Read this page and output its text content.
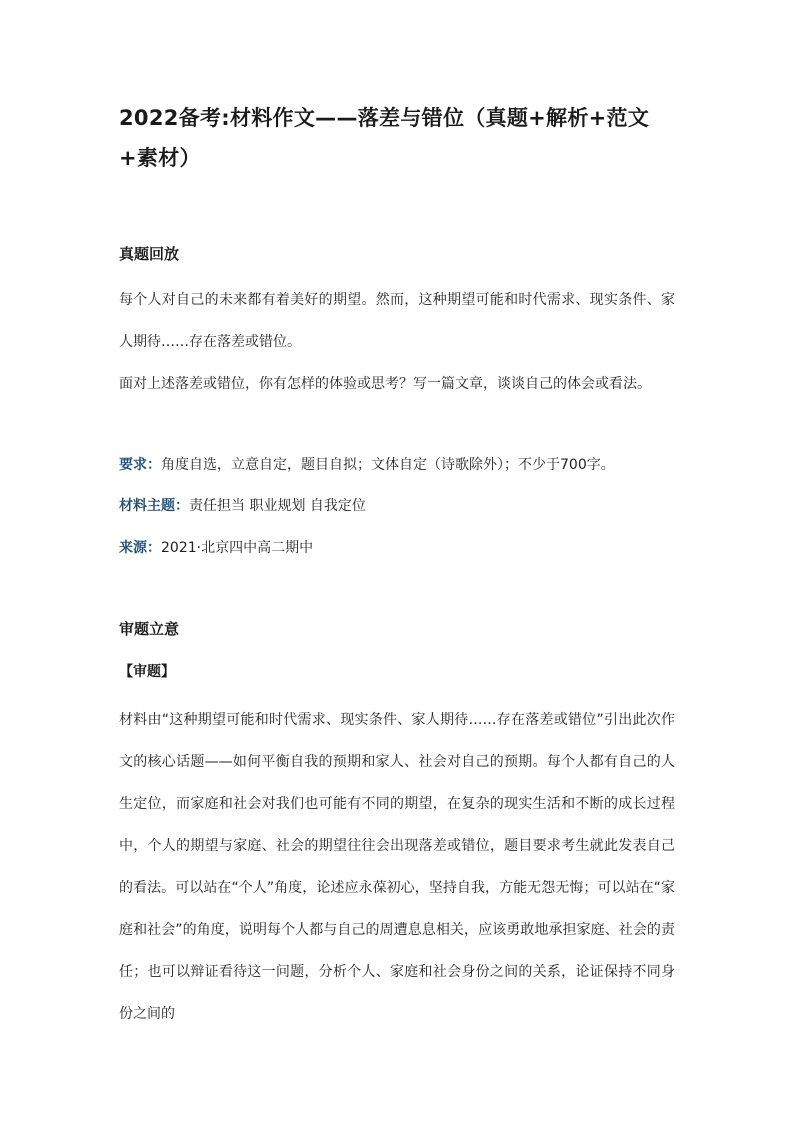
2022备考:材料作文——落差与错位（真题+解析+范文+素材）
真题回放

每个人对自己的未来都有着美好的期望。然而，这种期望可能和时代需求、现实条件、家人期待……存在落差或错位。

面对上述落差或错位，你有怎样的体验或思考？写一篇文章，谈谈自己的体会或看法。

要求：角度自选，立意自定，题目自拟；文体自定（诗歌除外）；不少于700字。

材料主题：责任担当 职业规划 自我定位

来源：2021·北京四中高二期中

审题立意

【审题】

材料由“这种期望可能和时代需求、现实条件、家人期待……存在落差或错位”引出此次作文的核心话题——如何平衡自我的预期和家人、社会对自己的预期。每个人都有自己的人生定位，而家庭和社会对我们也可能有不同的期望，在复杂的现实生活和不断的成长过程中，个人的期望与家庭、社会的期望往往会出现落差或错位，题目要求考生就此发表自己的看法。可以站在“个人”角度，论述应永葆初心，坚持自我，方能无怨无悔；可以站在“家庭和社会”的角度，说明每个人都与自己的周遭息息相关，应该勇敢地承担家庭、社会的责任；也可以辩证看待这一问题，分析个人、家庭和社会身份之间的关系，论证保持不同身份之间的
